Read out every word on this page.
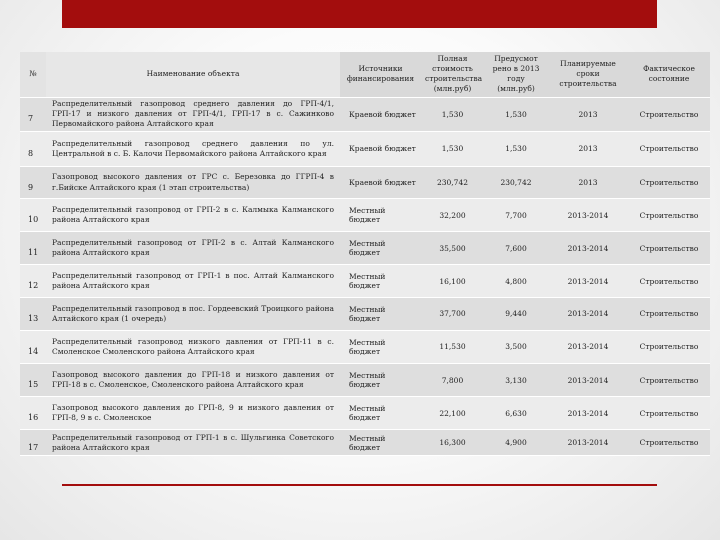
№	Наименование объекта	Источники финансирования	Полная стоимость строительства (млн.руб)	Предусмот рено в 2013 году (млн.руб)	Планируемые сроки строительства	Фактическое состояние
7	Распределительный газопровод среднего давления до ГРП-4/1, ГРП-17 и низкого давления от ГРП-4/1, ГРП-17 в с. Сажинково Первомайского района Алтайского края	Краевой бюджет	1,530	1,530	2013	Строительство
8	Распределительный газопровод среднего давления по ул. Центральной в с. Б. Калочи Первомайского района Алтайского края	Краевой бюджет	1,530	1,530	2013	Строительство
9	Газопровод высокого давления от ГРС с. Березовка до ГГРП-4 в г.Бийске Алтайского края (1 этап строительства)	Краевой бюджет	230,742	230,742	2013	Строительство
10	Распределительный газопровод от ГРП-2 в с. Калмыка Калманского района Алтайского края	Местный бюджет	32,200	7,700	2013-2014	Строительство
11	Распределительный газопровод от ГРП-2 в с. Алтай Калманского района Алтайского края	Местный бюджет	35,500	7,600	2013-2014	Строительство
12	Распределительный газопровод от ГРП-1 в пос. Алтай Калманского района Алтайского края	Местный бюджет	16,100	4,800	2013-2014	Строительство
13	Распределительный газопровод в пос. Гордеевский Троицкого района Алтайского края (1 очередь)	Местный бюджет	37,700	9,440	2013-2014	Строительство
14	Распределительный газопровод низкого давления от ГРП-11 в с. Смоленское Смоленского района Алтайского края	Местный бюджет	11,530	3,500	2013-2014	Строительство
15	Газопровод высокого давления до ГРП-18 и низкого давления от ГРП-18 в с. Смоленское, Смоленского района Алтайского края	Местный бюджет	7,800	3,130	2013-2014	Строительство
16	Газопровод высокого давления до ГРП-8, 9 и низкого давления от ГРП-8, 9 в с. Смоленское	Местный бюджет	22,100	6,630	2013-2014	Строительство
17	Распределительный газопровод от ГРП-1 в с. Шульгинка Советского района Алтайского края	Местный бюджет	16,300	4,900	2013-2014	Строительство
